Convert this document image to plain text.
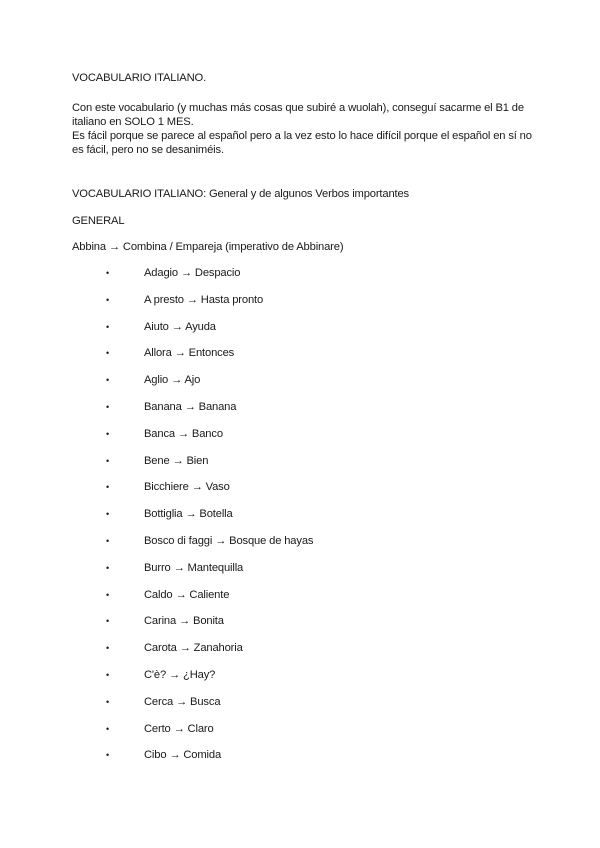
VOCABULARIO ITALIANO.

Con este vocabulario (y muchas más cosas que subiré a wuolah), conseguí sacarme el B1 de italiano en SOLO 1 MES.

Es fácil porque se parece al español pero a la vez esto lo hace difícil porque el español en sí no es fácil, pero no se desaniméis.

VOCABULARIO ITALIANO: General y de algunos Verbos importantes
GENERAL
Abbina → Combina / Empareja (imperativo de Abbinare)
•	Adagio → Despacio
•	A presto → Hasta pronto
•	Aiuto → Ayuda
•	Allora → Entonces
•	Aglio → Ajo
•	Banana → Banana
•	Banca → Banco
•	Bene → Bien
•	Bicchiere → Vaso
•	Bottiglia → Botella
•	Bosco di faggi → Bosque de hayas
•	Burro → Mantequilla
•	Caldo → Caliente
•	Carina → Bonita
•	Carota → Zanahoria
•	C'è? → ¿Hay?
•	Cerca → Busca
•	Certo → Claro
•	Cibo → Comida
